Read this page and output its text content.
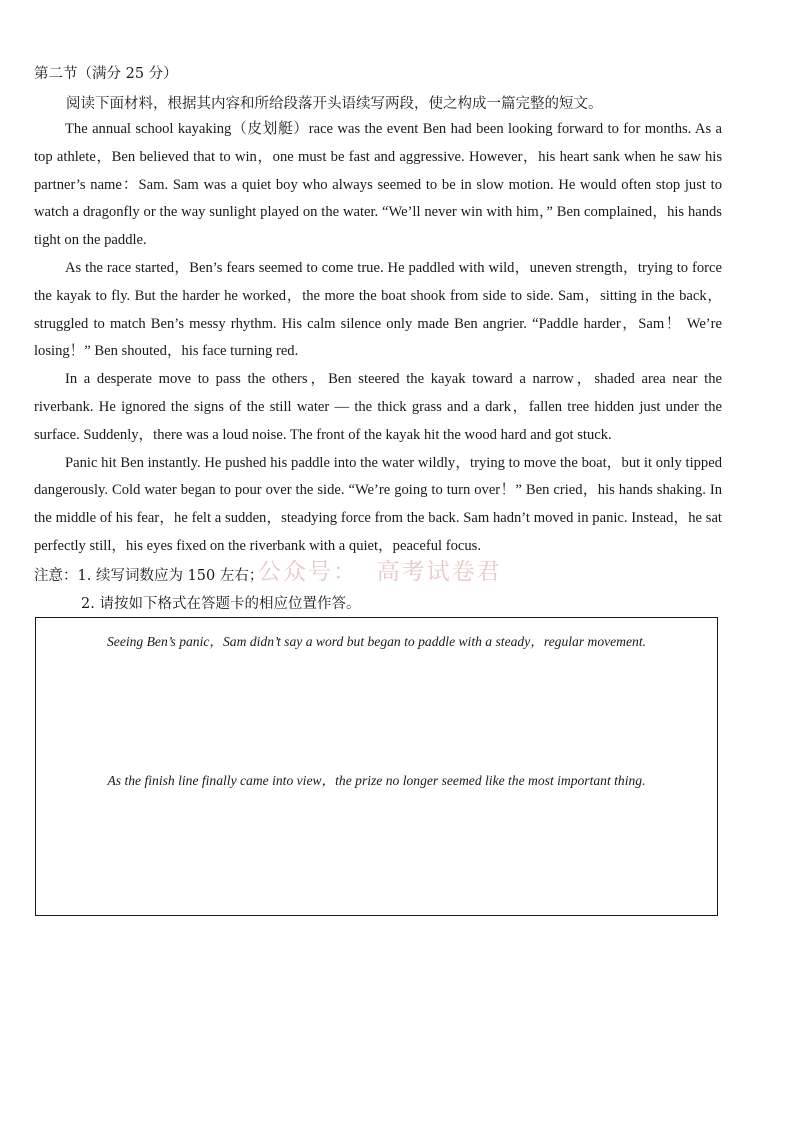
第二节（满分 25 分）
阅读下面材料，根据其内容和所给段落开头语续写两段，使之构成一篇完整的短文。

The annual school kayaking（皮划艇）race was the event Ben had been looking forward to for months. As a top athlete，Ben believed that to win，one must be fast and aggressive. However，his heart sank when he saw his partner’s name：Sam. Sam was a quiet boy who always seemed to be in slow motion. He would often stop just to watch a dragonfly or the way sunlight played on the water. “We’ll never win with him，” Ben complained，his hands tight on the paddle.

As the race started，Ben’s fears seemed to come true. He paddled with wild，uneven strength，trying to force the kayak to fly. But the harder he worked，the more the boat shook from side to side. Sam，sitting in the back，struggled to match Ben’s messy rhythm. His calm silence only made Ben angrier. “Paddle harder，Sam！ We’re losing！” Ben shouted，his face turning red.

In a desperate move to pass the others，Ben steered the kayak toward a narrow，shaded area near the riverbank. He ignored the signs of the still water — the thick grass and a dark，fallen tree hidden just under the surface. Suddenly，there was a loud noise. The front of the kayak hit the wood hard and got stuck.

Panic hit Ben instantly. He pushed his paddle into the water wildly，trying to move the boat，but it only tipped dangerously. Cold water began to pour over the side. “We’re going to turn over！” Ben cried，his hands shaking. In the middle of his fear，he felt a sudden，steadying force from the back. Sam hadn’t moved in panic. Instead，he sat perfectly still，his eyes fixed on the riverbank with a quiet，peaceful focus.

注意：1. 续写词数应为 150 左右；
2. 请按如下格式在答题卡的相应位置作答。
公众号：  高考试卷君
Seeing Ben’s panic，Sam didn’t say a word but began to paddle with a steady，regular movement.
As the finish line finally came into view，the prize no longer seemed like the most important thing.
